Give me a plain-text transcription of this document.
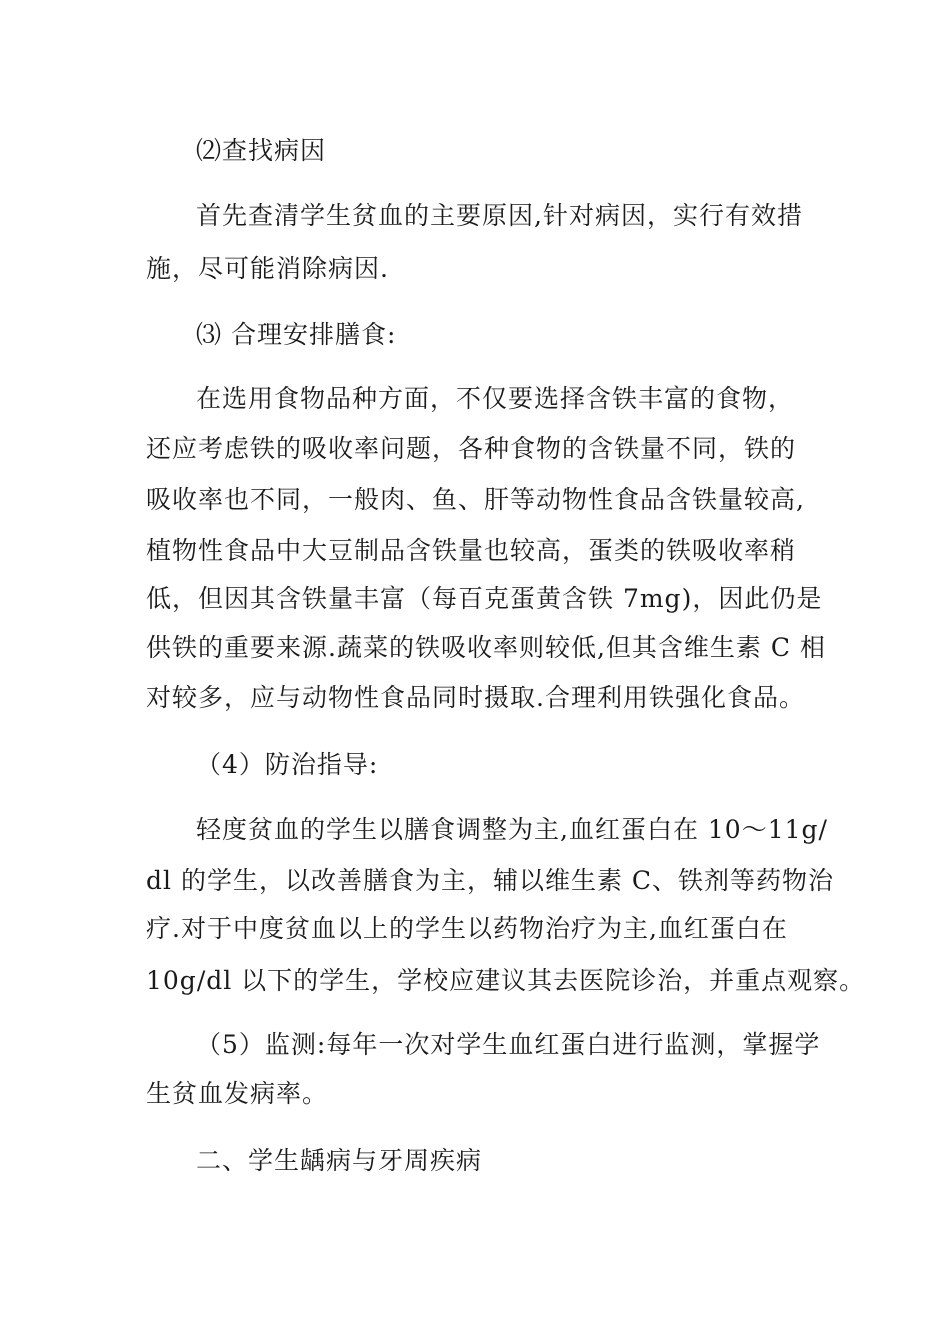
⑵查找病因
首先查清学生贫血的主要原因,针对病因，实行有效措
施，尽可能消除病因.
⑶ 合理安排膳食:
在选用食物品种方面，不仅要选择含铁丰富的食物，
还应考虑铁的吸收率问题，各种食物的含铁量不同，铁的
吸收率也不同，一般肉、鱼、肝等动物性食品含铁量较高,
植物性食品中大豆制品含铁量也较高，蛋类的铁吸收率稍
低，但因其含铁量丰富（每百克蛋黄含铁 7mg)，因此仍是
供铁的重要来源.蔬菜的铁吸收率则较低,但其含维生素 C 相
对较多，应与动物性食品同时摄取.合理利用铁强化食品。
（4）防治指导:
轻度贫血的学生以膳食调整为主,血红蛋白在 10～11g/
dl 的学生，以改善膳食为主，辅以维生素 C、铁剂等药物治
疗.对于中度贫血以上的学生以药物治疗为主,血红蛋白在
10g/dl 以下的学生，学校应建议其去医院诊治，并重点观察。
（5）监测:每年一次对学生血红蛋白进行监测，掌握学
生贫血发病率。
二、学生龋病与牙周疾病
